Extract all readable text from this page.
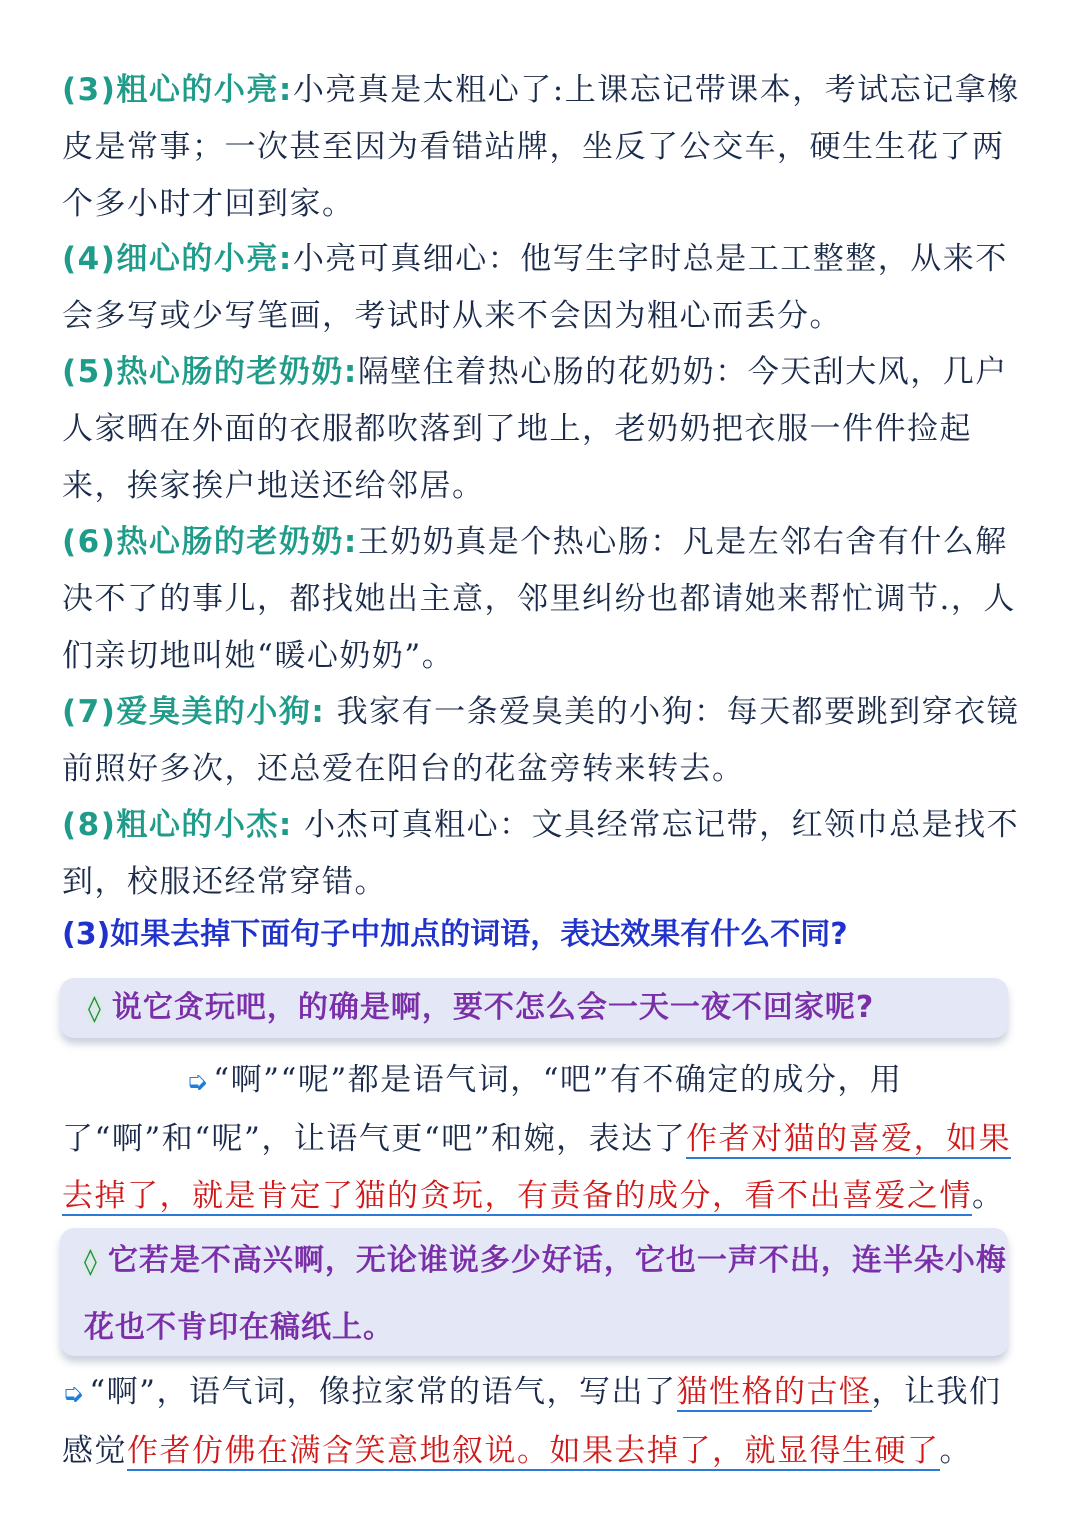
(3)粗心的小亮:小亮真是太粗心了:上课忘记带课本，考试忘记拿橡皮是常事；一次甚至因为看错站牌，坐反了公交车，硬生生花了两个多小时才回到家。

(4)细心的小亮:小亮可真细心：他写生字时总是工工整整，从来不会多写或少写笔画，考试时从来不会因为粗心而丢分。

(5)热心肠的老奶奶:隔壁住着热心肠的花奶奶：今天刮大风，几户人家晒在外面的衣服都吹落到了地上，老奶奶把衣服一件件捡起来，挨家挨户地送还给邻居。

(6)热心肠的老奶奶:王奶奶真是个热心肠：凡是左邻右舍有什么解决不了的事儿，都找她出主意，邻里纠纷也都请她来帮忙调节.，人们亲切地叫她“暖心奶奶”。

(7)爱臭美的小狗: 我家有一条爱臭美的小狗：每天都要跳到穿衣镜前照好多次，还总爱在阳台的花盆旁转来转去。

(8)粗心的小杰: 小杰可真粗心：文具经常忘记带，红领巾总是找不到，校服还经常穿错。

(3)如果去掉下面句子中加点的词语，表达效果有什么不同?

◊ 说它贪玩吧，的确是啊，要不怎么会一天一夜不回家呢?

➭ “啊”“呢”都是语气词，“吧”有不确定的成分，用了“啊”和“呢”，让语气更“吧”和婉，表达了作者对猫的喜爱，如果去掉了，就是肯定了猫的贪玩，有责备的成分，看不出喜爱之情。

◊ 它若是不高兴啊，无论谁说多少好话，它也一声不出，连半朵小梅花也不肯印在稿纸上。

➭ “啊”，语气词，像拉家常的语气，写出了猫性格的古怪，让我们感觉作者仿佛在满含笑意地叙说。如果去掉了，就显得生硬了。
